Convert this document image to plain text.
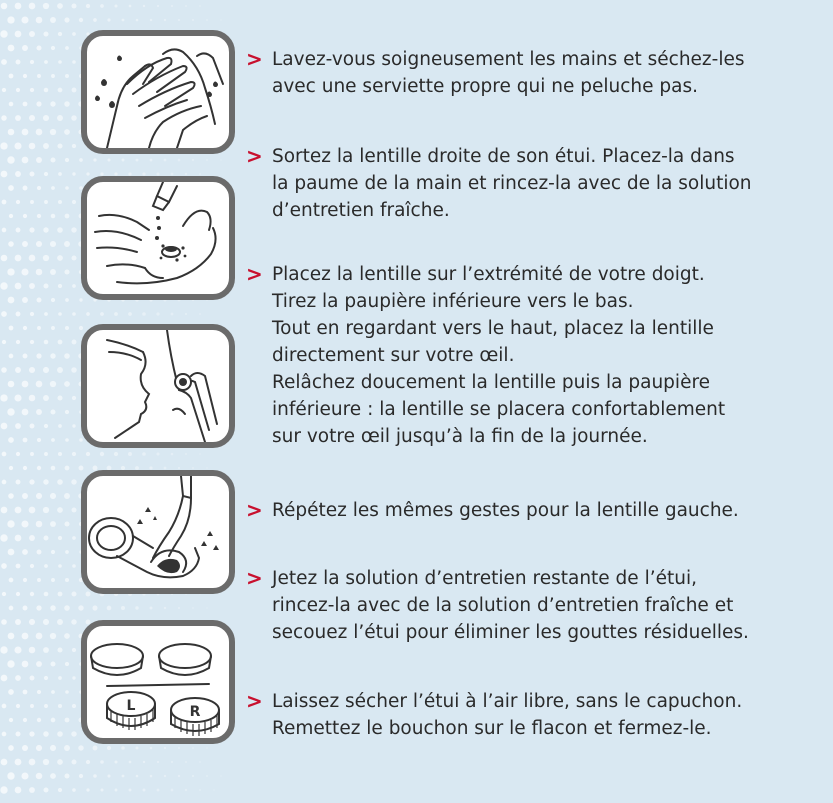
L	R
> Lavez-vous soigneusement les mains et séchez-les
avec une serviette propre qui ne peluche pas.
> Sortez la lentille droite de son étui. Placez-la dans
la paume de la main et rincez-la avec de la solution
d’entretien fraîche.
> Placez la lentille sur l’extrémité de votre doigt.
Tirez la paupière inférieure vers le bas.
Tout en regardant vers le haut, placez la lentille
directement sur votre œil.
Relâchez doucement la lentille puis la paupière
inférieure : la lentille se placera confortablement
sur votre œil jusqu’à la fin de la journée.
> Répétez les mêmes gestes pour la lentille gauche.
> Jetez la solution d’entretien restante de l’étui,
rincez-la avec de la solution d’entretien fraîche et
secouez l’étui pour éliminer les gouttes résiduelles.
> Laissez sécher l’étui à l’air libre, sans le capuchon.
Remettez le bouchon sur le flacon et fermez-le.
